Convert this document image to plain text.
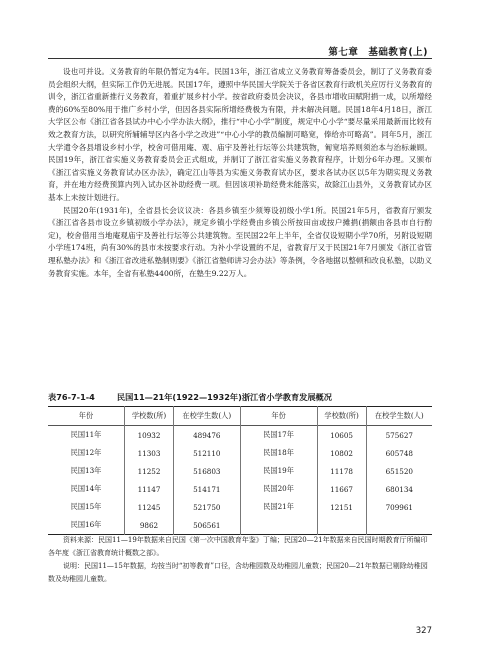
第七章　基础教育(上)

设也可并设。义务教育的年限仍暂定为4年。民国13年，浙江省成立义务教育筹备委员会，制订了义务教育委员会组织大纲，但实际工作仍无进展。民国17年，遵照中华民国大学院关于各省区教育行政机关应厉行义务教育的训令，浙江省重新推行义务教育，着重扩展乡村小学。按省政府委员会决议，各县市增收田赋附捐一成，以所增经费的60%至80%用于推广乡村小学，但因各县实际所增经费极为有限，并未解决问题。民国18年4月18日，浙江大学区公布《浙江省各县试办中心小学办法大纲》，推行“中心小学”制度，规定中心小学“要尽量采用最新而比较有效之教育方法，以研究所辅辅导区内各小学之改进”“中心小学的教员编制可略宽，俸给亦可略高”。同年5月，浙江大学遣令各县增设乡村小学，校舍可借用庵、观、庙宇及善社行坛等公共建筑物，匍宽培养则须治本与治标兼顾。民国19年，浙江省实施义务教育委员会正式组成，并制订了浙江省实施义务教育程序，计划分6年办理。又颁布《浙江省实施义务教育试办区办法》，确定江山等县为实施义务教育试办区，要求各试办区以5年为期实现义务教育，并在地方经费预算内列入试办区补助经费一项。但因该项补助经费未能落实，故除江山县外，义务教育试办区基本上未按计划进行。

民国20年(1931年)，全省县长会议议决：各县乡镇至少须筹设初级小学1所。民国21年5月，省教育厅颁发《浙江省各县市设立乡镇初级小学办法》，规定乡镇小学经费由乡镇公所按田亩或按户摊捐(捐额由各县市自行酌定)，校舍借用当地庵观庙宇及善社行坛等公共建筑物。至民国22年上半年，全省仅设短期小学70所，另附设短期小学班174班，尚有30%的县市未按要求行动。为补小学设置的不足，省教育厅又于民国21年7月颁发《浙江省管理私塾办法》和《浙江省改进私塾制则要》《浙江省塾师讲习会办法》等条例，令各地据以整顿和改良私塾，以助义务教育实施。本年，全省有私塾4400所，在塾生9.22万人。

表76-7-1-4	民国11—21年(1922—1932年)浙江省小学教育发展概况
年份	学校数(所)	在校学生数(人)	年份	学校数(所)	在校学生数(人)
民国11年	10932	489476	民国17年	10605	575627
民国12年	11303	512110	民国18年	10802	605748
民国13年	11252	516803	民国19年	11178	651520
民国14年	11147	514171	民国20年	11667	680134
民国15年	11245	521750	民国21年	12151	709961
民国16年	9862	506561			

资料来源：民国11—19年数据来自民国《第一次中国教育年鉴》丁编；民国20—21年数据来自民国时期教育厅所编印各年度《浙江省教育统计概数之部》。

说明：民国11—15年数据，均按当时“初等教育”口径，含幼稚园数及幼稚园儿童数；民国20—21年数据已剔除幼稚园数及幼稚园儿童数。

327
